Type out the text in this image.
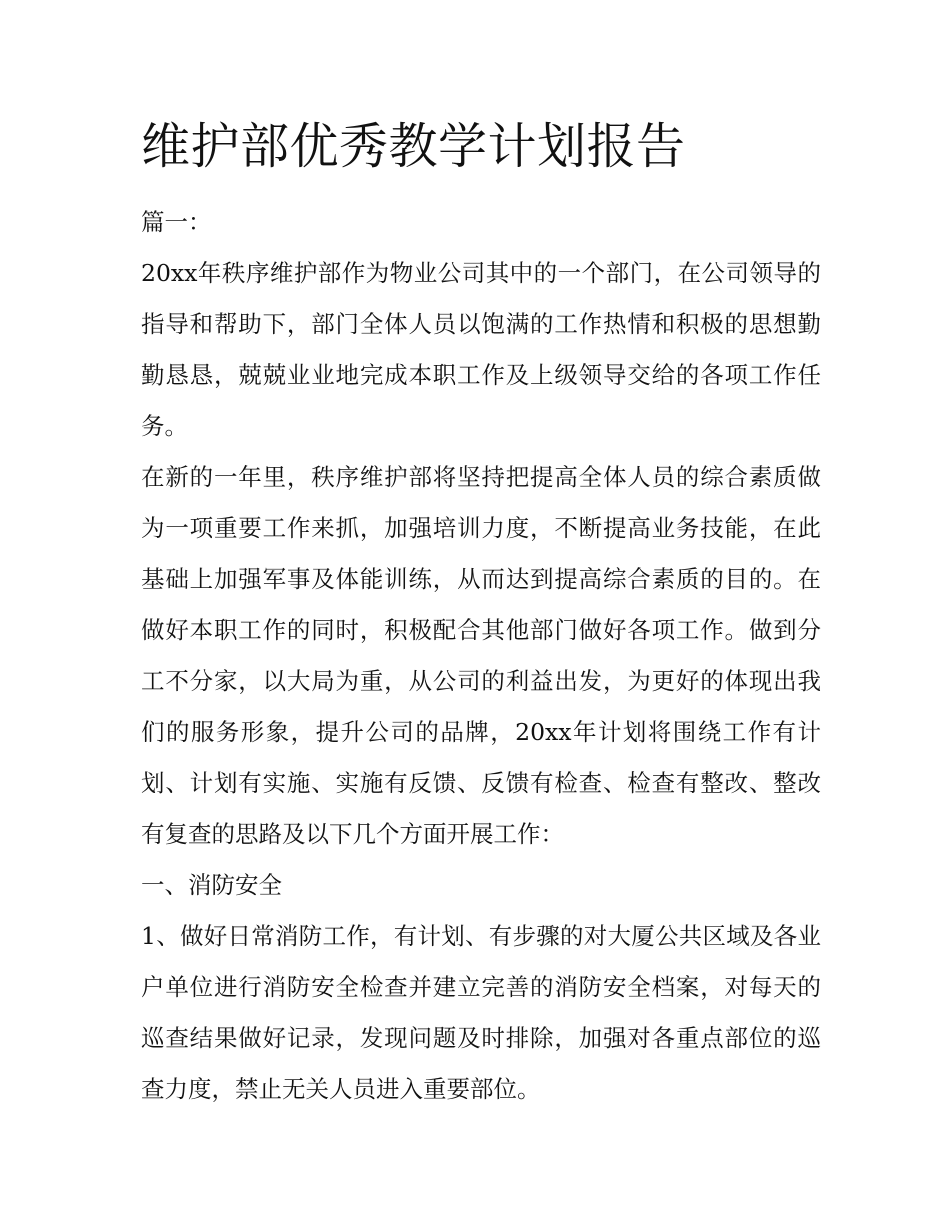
维护部优秀教学计划报告

篇一：

20xx年秩序维护部作为物业公司其中的一个部门，在公司领导的指导和帮助下，部门全体人员以饱满的工作热情和积极的思想勤勤恳恳，兢兢业业地完成本职工作及上级领导交给的各项工作任务。

在新的一年里，秩序维护部将坚持把提高全体人员的综合素质做为一项重要工作来抓，加强培训力度，不断提高业务技能，在此基础上加强军事及体能训练，从而达到提高综合素质的目的。在做好本职工作的同时，积极配合其他部门做好各项工作。做到分工不分家，以大局为重，从公司的利益出发，为更好的体现出我们的服务形象，提升公司的品牌，20xx年计划将围绕工作有计划、计划有实施、实施有反馈、反馈有检查、检查有整改、整改有复查的思路及以下几个方面开展工作：

一、消防安全

1、做好日常消防工作，有计划、有步骤的对大厦公共区域及各业户单位进行消防安全检查并建立完善的消防安全档案，对每天的巡查结果做好记录，发现问题及时排除，加强对各重点部位的巡查力度，禁止无关人员进入重要部位。
